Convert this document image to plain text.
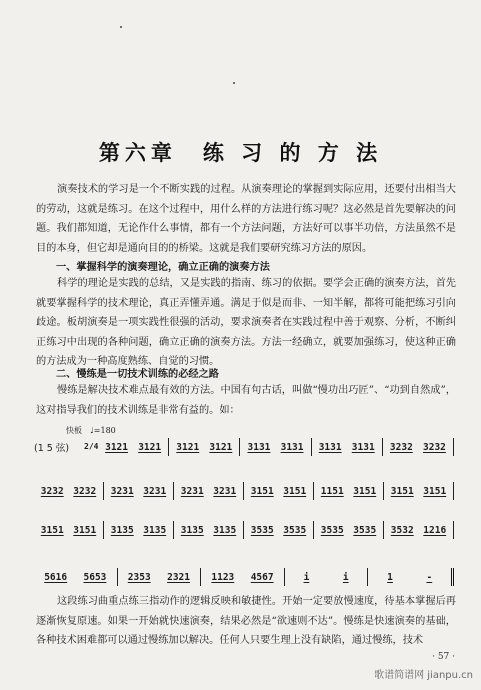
第六章　练 习 的 方 法

演奏技术的学习是一个不断实践的过程。从演奏理论的掌握到实际应用，还要付出相当大的劳动，这就是练习。在这个过程中，用什么样的方法进行练习呢？这必然是首先要解决的问题。我们都知道，无论作什么事情，都有一个方法问题，方法好可以事半功倍，方法虽然不是目的本身，但它却是通向目的的桥梁。这就是我们要研究练习方法的原因。

一、掌握科学的演奏理论，确立正确的演奏方法

科学的理论是实践的总结，又是实践的指南、练习的依据。要学会正确的演奏方法，首先就要掌握科学的技术理论，真正弄懂弄通。满足于似是而非、一知半解，都将可能把练习引向歧途。板胡演奏是一项实践性很强的活动，要求演奏者在实践过程中善于观察、分析，不断纠正练习中出现的各种问题，确立正确的演奏方法。方法一经确立，就要加强练习，使这种正确的方法成为一种高度熟练、自觉的习惯。

二、慢练是一切技术训练的必经之路

慢练是解决技术难点最有效的方法。中国有句古话，叫做“慢功出巧匠”、“功到自然成”，这对指导我们的技术训练是非常有益的。如：

快板 ♩=180
(1 5 弦)	2/4 3121 3121 3121 3121 3131 3131 3131 3131 3232 3232
3232 3232 3231 3231 3231 3231 3151 3151 1151 3151 3151 3151
3151 3151 3135 3135 3135 3135 3535 3535 3535 3535 3532 1216
5616 5653 2353 2321 1123 4567	i	i	1	-

这段练习曲重点练三指动作的逻辑反映和敏捷性。开始一定要放慢速度，待基本掌握后再逐渐恢复原速。如果一开始就快速演奏，结果必然是“欲速则不达”。慢练是快速演奏的基础，各种技术困难都可以通过慢练加以解决。任何人只要生理上没有缺陷，通过慢练，技术

· 57 ·
歌谱简谱网 jianpu.cn
